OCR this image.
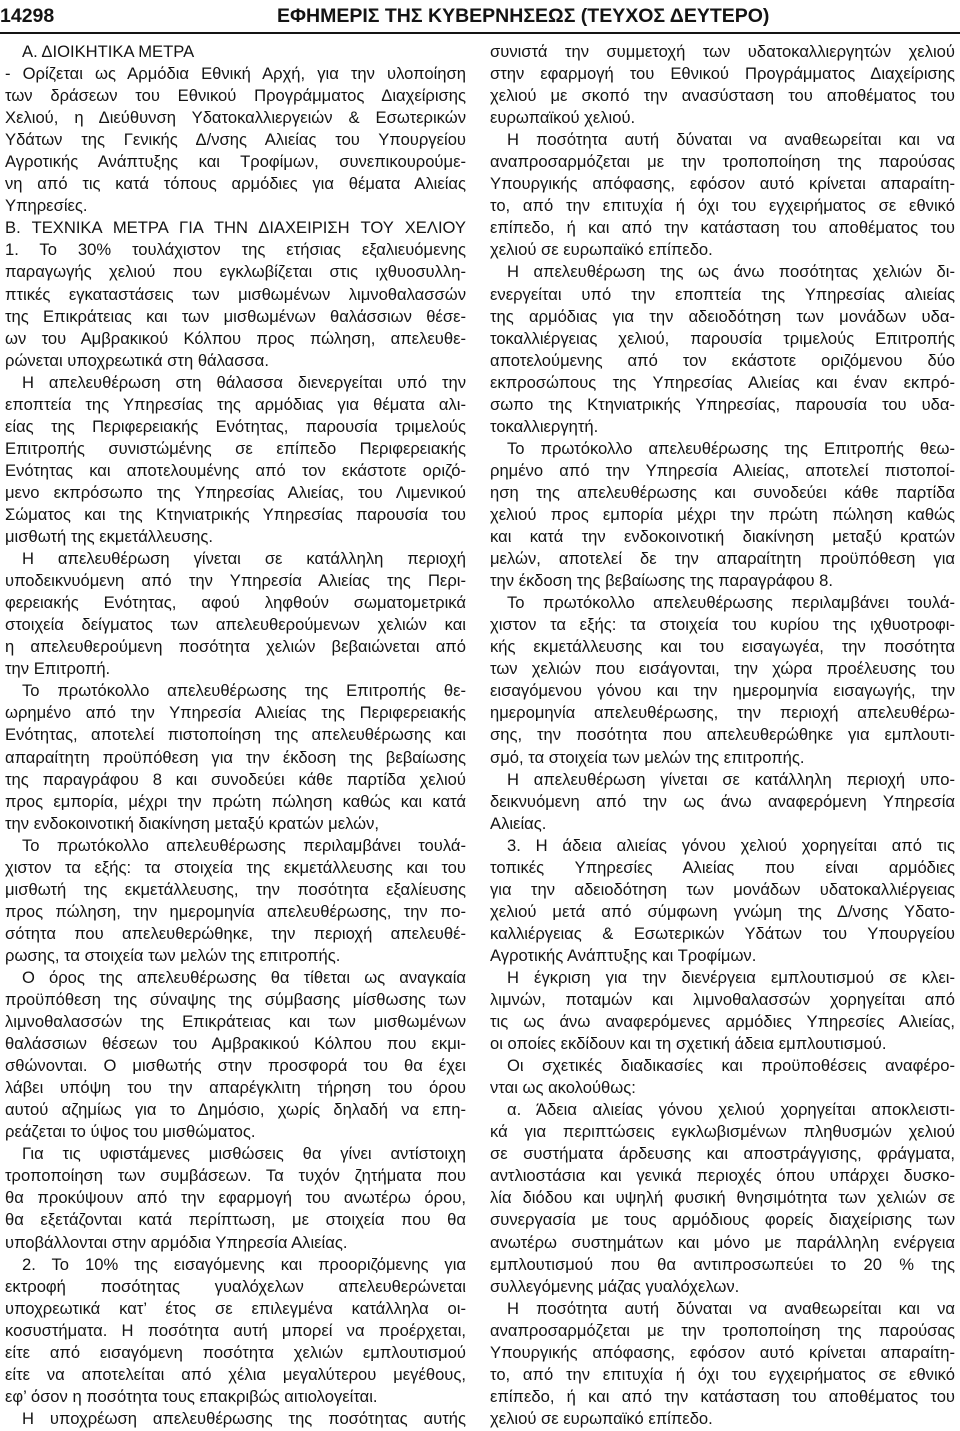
14298	ΕΦΗΜΕΡΙΣ ΤΗΣ ΚΥΒΕΡΝΗΣΕΩΣ (ΤΕΥΧΟΣ ΔΕΥΤΕΡΟ)
Α. ΔΙΟΙΚΗΤΙΚΑ ΜΕΤΡΑ
- Ορίζεται ως Αρμόδια Εθνική Αρχή, για την υλοποίηση
των δράσεων του Εθνικού Προγράμματος Διαχείρισης
Χελιού, η Διεύθυνση Υδατοκαλλιεργειών & Εσωτερικών
Υδάτων της Γενικής Δ/νσης Αλιείας του Υπουργείου
Αγροτικής Ανάπτυξης και Τροφίμων, συνεπικουρούμε-
νη από τις κατά τόπους αρμόδιες για θέματα Αλιείας
Υπηρεσίες.
Β. ΤΕΧΝΙΚΑ ΜΕΤΡΑ ΓΙΑ ΤΗΝ ΔΙΑΧΕΙΡΙΣΗ ΤΟΥ ΧΕΛΙΟΥ
1. Το 30% τουλάχιστον της ετήσιας εξαλιευόμενης
παραγωγής χελιού που εγκλωβίζεται στις ιχθυοσυλλη-
πτικές εγκαταστάσεις των μισθωμένων λιμνοθαλασσών
της Επικράτειας και των μισθωμένων θαλάσσιων θέσε-
ων του Αμβρακικού Κόλπου προς πώληση, απελευθε-
ρώνεται υποχρεωτικά στη θάλασσα.
Η απελευθέρωση στη θάλασσα διενεργείται υπό την
εποπτεία της Υπηρεσίας της αρμόδιας για θέματα αλι-
είας της Περιφερειακής Ενότητας, παρουσία τριμελούς
Επιτροπής συνιστώμένης σε επίπεδο Περιφερειακής
Ενότητας και αποτελουμένης από τον εκάστοτε οριζό-
μενο εκπρόσωπο της Υπηρεσίας Αλιείας, του Λιμενικού
Σώματος και της Κτηνιατρικής Υπηρεσίας παρουσία του
μισθωτή της εκμετάλλευσης.
Η απελευθέρωση γίνεται σε κατάλληλη περιοχή
υποδεικνυόμενη από την Υπηρεσία Αλιείας της Περι-
φερειακής Ενότητας, αφού ληφθούν σωματομετρικά
στοιχεία δείγματος των απελευθερούμενων χελιών και
η απελευθερούμενη ποσότητα χελιών βεβαιώνεται από
την Επιτροπή.
Το πρωτόκολλο απελευθέρωσης της Επιτροπής θε-
ωρημένο από την Υπηρεσία Αλιείας της Περιφερειακής
Ενότητας, αποτελεί πιστοποίηση της απελευθέρωσης και
απαραίτητη προϋπόθεση για την έκδοση της βεβαίωσης
της παραγράφου 8 και συνοδεύει κάθε παρτίδα χελιού
προς εμπορία, μέχρι την πρώτη πώληση καθώς και κατά
την ενδοκοινοτική διακίνηση μεταξύ κρατών μελών,
Το πρωτόκολλο απελευθέρωσης περιλαμβάνει τουλά-
χιστον τα εξής: τα στοιχεία της εκμετάλλευσης και του
μισθωτή της εκμετάλλευσης, την ποσότητα εξαλίευσης
προς πώληση, την ημερομηνία απελευθέρωσης, την πο-
σότητα που απελευθερώθηκε, την περιοχή απελευθέ-
ρωσης, τα στοιχεία των μελών της επιτροπής.
Ο όρος της απελευθέρωσης θα τίθεται ως αναγκαία
προϋπόθεση της σύναψης της σύμβασης μίσθωσης των
λιμνοθαλασσών της Επικράτειας και των μισθωμένων
θαλάσσιων θέσεων του Αμβρακικού Κόλπου που εκμι-
σθώνονται. Ο μισθωτής στην προσφορά του θα έχει
λάβει υπόψη του την απαρέγκλιτη τήρηση του όρου
αυτού αζημίως για το Δημόσιο, χωρίς δηλαδή να επη-
ρεάζεται το ύψος του μισθώματος.
Για τις υφιστάμενες μισθώσεις θα γίνει αντίστοιχη
τροποποίηση των συμβάσεων. Τα τυχόν ζητήματα που
θα προκύψουν από την εφαρμογή του ανωτέρω όρου,
θα εξετάζονται κατά περίπτωση, με στοιχεία που θα
υποβάλλονται στην αρμόδια Υπηρεσία Αλιείας.
2. Το 10% της εισαγόμενης και προοριζόμενης για
εκτροφή ποσότητας γυαλόχελων απελευθερώνεται
υποχρεωτικά κατ’ έτος σε επιλεγμένα κατάλληλα οι-
κοσυστήματα. Η ποσότητα αυτή μπορεί να προέρχεται,
είτε από εισαγόμενη ποσότητα χελιών εμπλουτισμού
είτε να αποτελείται από χέλια μεγαλύτερου μεγέθους,
εφ’ όσον η ποσότητα τους επακριβώς αιτιολογείται.
Η υποχρέωση απελευθέρωσης της ποσότητας αυτής
συνιστά την συμμετοχή των υδατοκαλλιεργητών χελιού
στην εφαρμογή του Εθνικού Προγράμματος Διαχείρισης
χελιού με σκοπό την ανασύσταση του αποθέματος του
ευρωπαϊκού χελιού.
Η ποσότητα αυτή δύναται να αναθεωρείται και να
αναπροσαρμόζεται με την τροποποίηση της παρούσας
Υπουργικής απόφασης, εφόσον αυτό κρίνεται απαραίτη-
το, από την επιτυχία ή όχι του εγχειρήματος σε εθνικό
επίπεδο, ή και από την κατάσταση του αποθέματος του
χελιού σε ευρωπαϊκό επίπεδο.
Η απελευθέρωση της ως άνω ποσότητας χελιών δι-
ενεργείται υπό την εποπτεία της Υπηρεσίας αλιείας
της αρμόδιας για την αδειοδότηση των μονάδων υδα-
τοκαλλιέργειας χελιού, παρουσία τριμελούς Επιτροπής
αποτελούμενης από τον εκάστοτε οριζόμενου δύο
εκπροσώπους της Υπηρεσίας Αλιείας και έναν εκπρό-
σωπο της Κτηνιατρικής Υπηρεσίας, παρουσία του υδα-
τοκαλλιεργητή.
Το πρωτόκολλο απελευθέρωσης της Επιτροπής θεω-
ρημένο από την Υπηρεσία Αλιείας, αποτελεί πιστοποί-
ηση της απελευθέρωσης και συνοδεύει κάθε παρτίδα
χελιού προς εμπορία μέχρι την πρώτη πώληση καθώς
και κατά την ενδοκοινοτική διακίνηση μεταξύ κρατών
μελών, αποτελεί δε την απαραίτητη προϋπόθεση για
την έκδοση της βεβαίωσης της παραγράφου 8.
Το πρωτόκολλο απελευθέρωσης περιλαμβάνει τουλά-
χιστον τα εξής: τα στοιχεία του κυρίου της ιχθυοτροφι-
κής εκμετάλλευσης και του εισαγωγέα, την ποσότητα
των χελιών που εισάγονται, την χώρα προέλευσης του
εισαγόμενου γόνου και την ημερομηνία εισαγωγής, την
ημερομηνία απελευθέρωσης, την περιοχή απελευθέρω-
σης, την ποσότητα που απελευθερώθηκε για εμπλουτι-
σμό, τα στοιχεία των μελών της επιτροπής.
Η απελευθέρωση γίνεται σε κατάλληλη περιοχή υπο-
δεικνυόμενη από την ως άνω αναφερόμενη Υπηρεσία
Αλιείας.
3. Η άδεια αλιείας γόνου χελιού χορηγείται από τις
τοπικές Υπηρεσίες Αλιείας που είναι αρμόδιες
για την αδειοδότηση των μονάδων υδατοκαλλιέργειας
χελιού μετά από σύμφωνη γνώμη της Δ/νσης Υδατο-
καλλιέργειας & Εσωτερικών Υδάτων του Υπουργείου
Αγροτικής Ανάπτυξης και Τροφίμων.
Η έγκριση για την διενέργεια εμπλουτισμού σε κλει-
λιμνών, ποταμών και λιμνοθαλασσών χορηγείται από
τις ως άνω αναφερόμενες αρμόδιες Υπηρεσίες Αλιείας,
οι οποίες εκδίδουν και τη σχετική άδεια εμπλουτισμού.
Οι σχετικές διαδικασίες και προϋποθέσεις αναφέρο-
νται ως ακολούθως:
α. Άδεια αλιείας γόνου χελιού χορηγείται αποκλειστι-
κά για περιπτώσεις εγκλωβισμένων πληθυσμών χελιού
σε συστήματα άρδευσης και αποστράγγισης, φράγματα,
αντλιοστάσια και γενικά περιοχές όπου υπάρχει δυσκο-
λία διόδου και υψηλή φυσική θνησιμότητα των χελιών σε
συνεργασία με τους αρμόδιους φορείς διαχείρισης των
ανωτέρω συστημάτων και μόνο με παράλληλη ενέργεια
εμπλουτισμού που θα αντιπροσωπεύει το 20 % της
συλλεγόμενης μάζας γυαλόχελων.
Η ποσότητα αυτή δύναται να αναθεωρείται και να
αναπροσαρμόζεται με την τροποποίηση της παρούσας
Υπουργικής απόφασης, εφόσον αυτό κρίνεται απαραίτη-
το, από την επιτυχία ή όχι του εγχειρήματος σε εθνικό
επίπεδο, ή και από την κατάσταση του αποθέματος του
χελιού σε ευρωπαϊκό επίπεδο.
